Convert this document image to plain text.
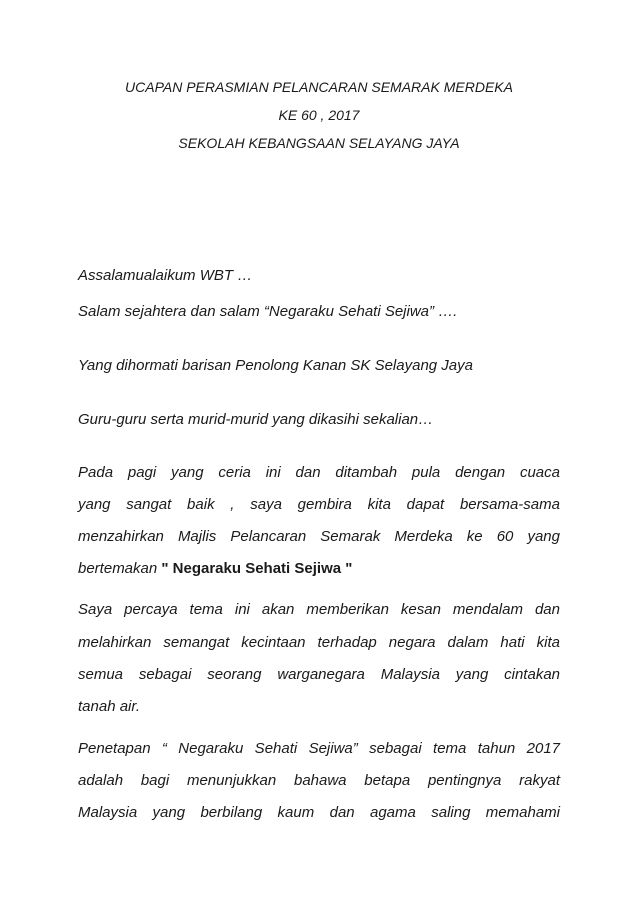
UCAPAN PERASMIAN PELANCARAN SEMARAK MERDEKA
KE 60 , 2017
SEKOLAH KEBANGSAAN SELAYANG JAYA
Assalamualaikum WBT …
Salam sejahtera dan salam “Negaraku Sehati Sejiwa” ….
Yang dihormati barisan Penolong Kanan SK Selayang Jaya
Guru-guru serta murid-murid yang dikasihi sekalian…
Pada pagi yang ceria ini dan ditambah pula dengan cuaca
yang sangat baik , saya gembira kita dapat bersama-sama
menzahirkan Majlis Pelancaran Semarak Merdeka ke 60 yang
bertemakan " Negaraku Sehati Sejiwa "
Saya percaya tema ini akan memberikan kesan mendalam dan
melahirkan semangat kecintaan terhadap negara dalam hati kita
semua sebagai seorang warganegara Malaysia yang cintakan
tanah air.
Penetapan “ Negaraku Sehati Sejiwa” sebagai tema tahun 2017
adalah bagi menunjukkan bahawa betapa pentingnya rakyat
Malaysia yang berbilang kaum dan agama saling memahami
